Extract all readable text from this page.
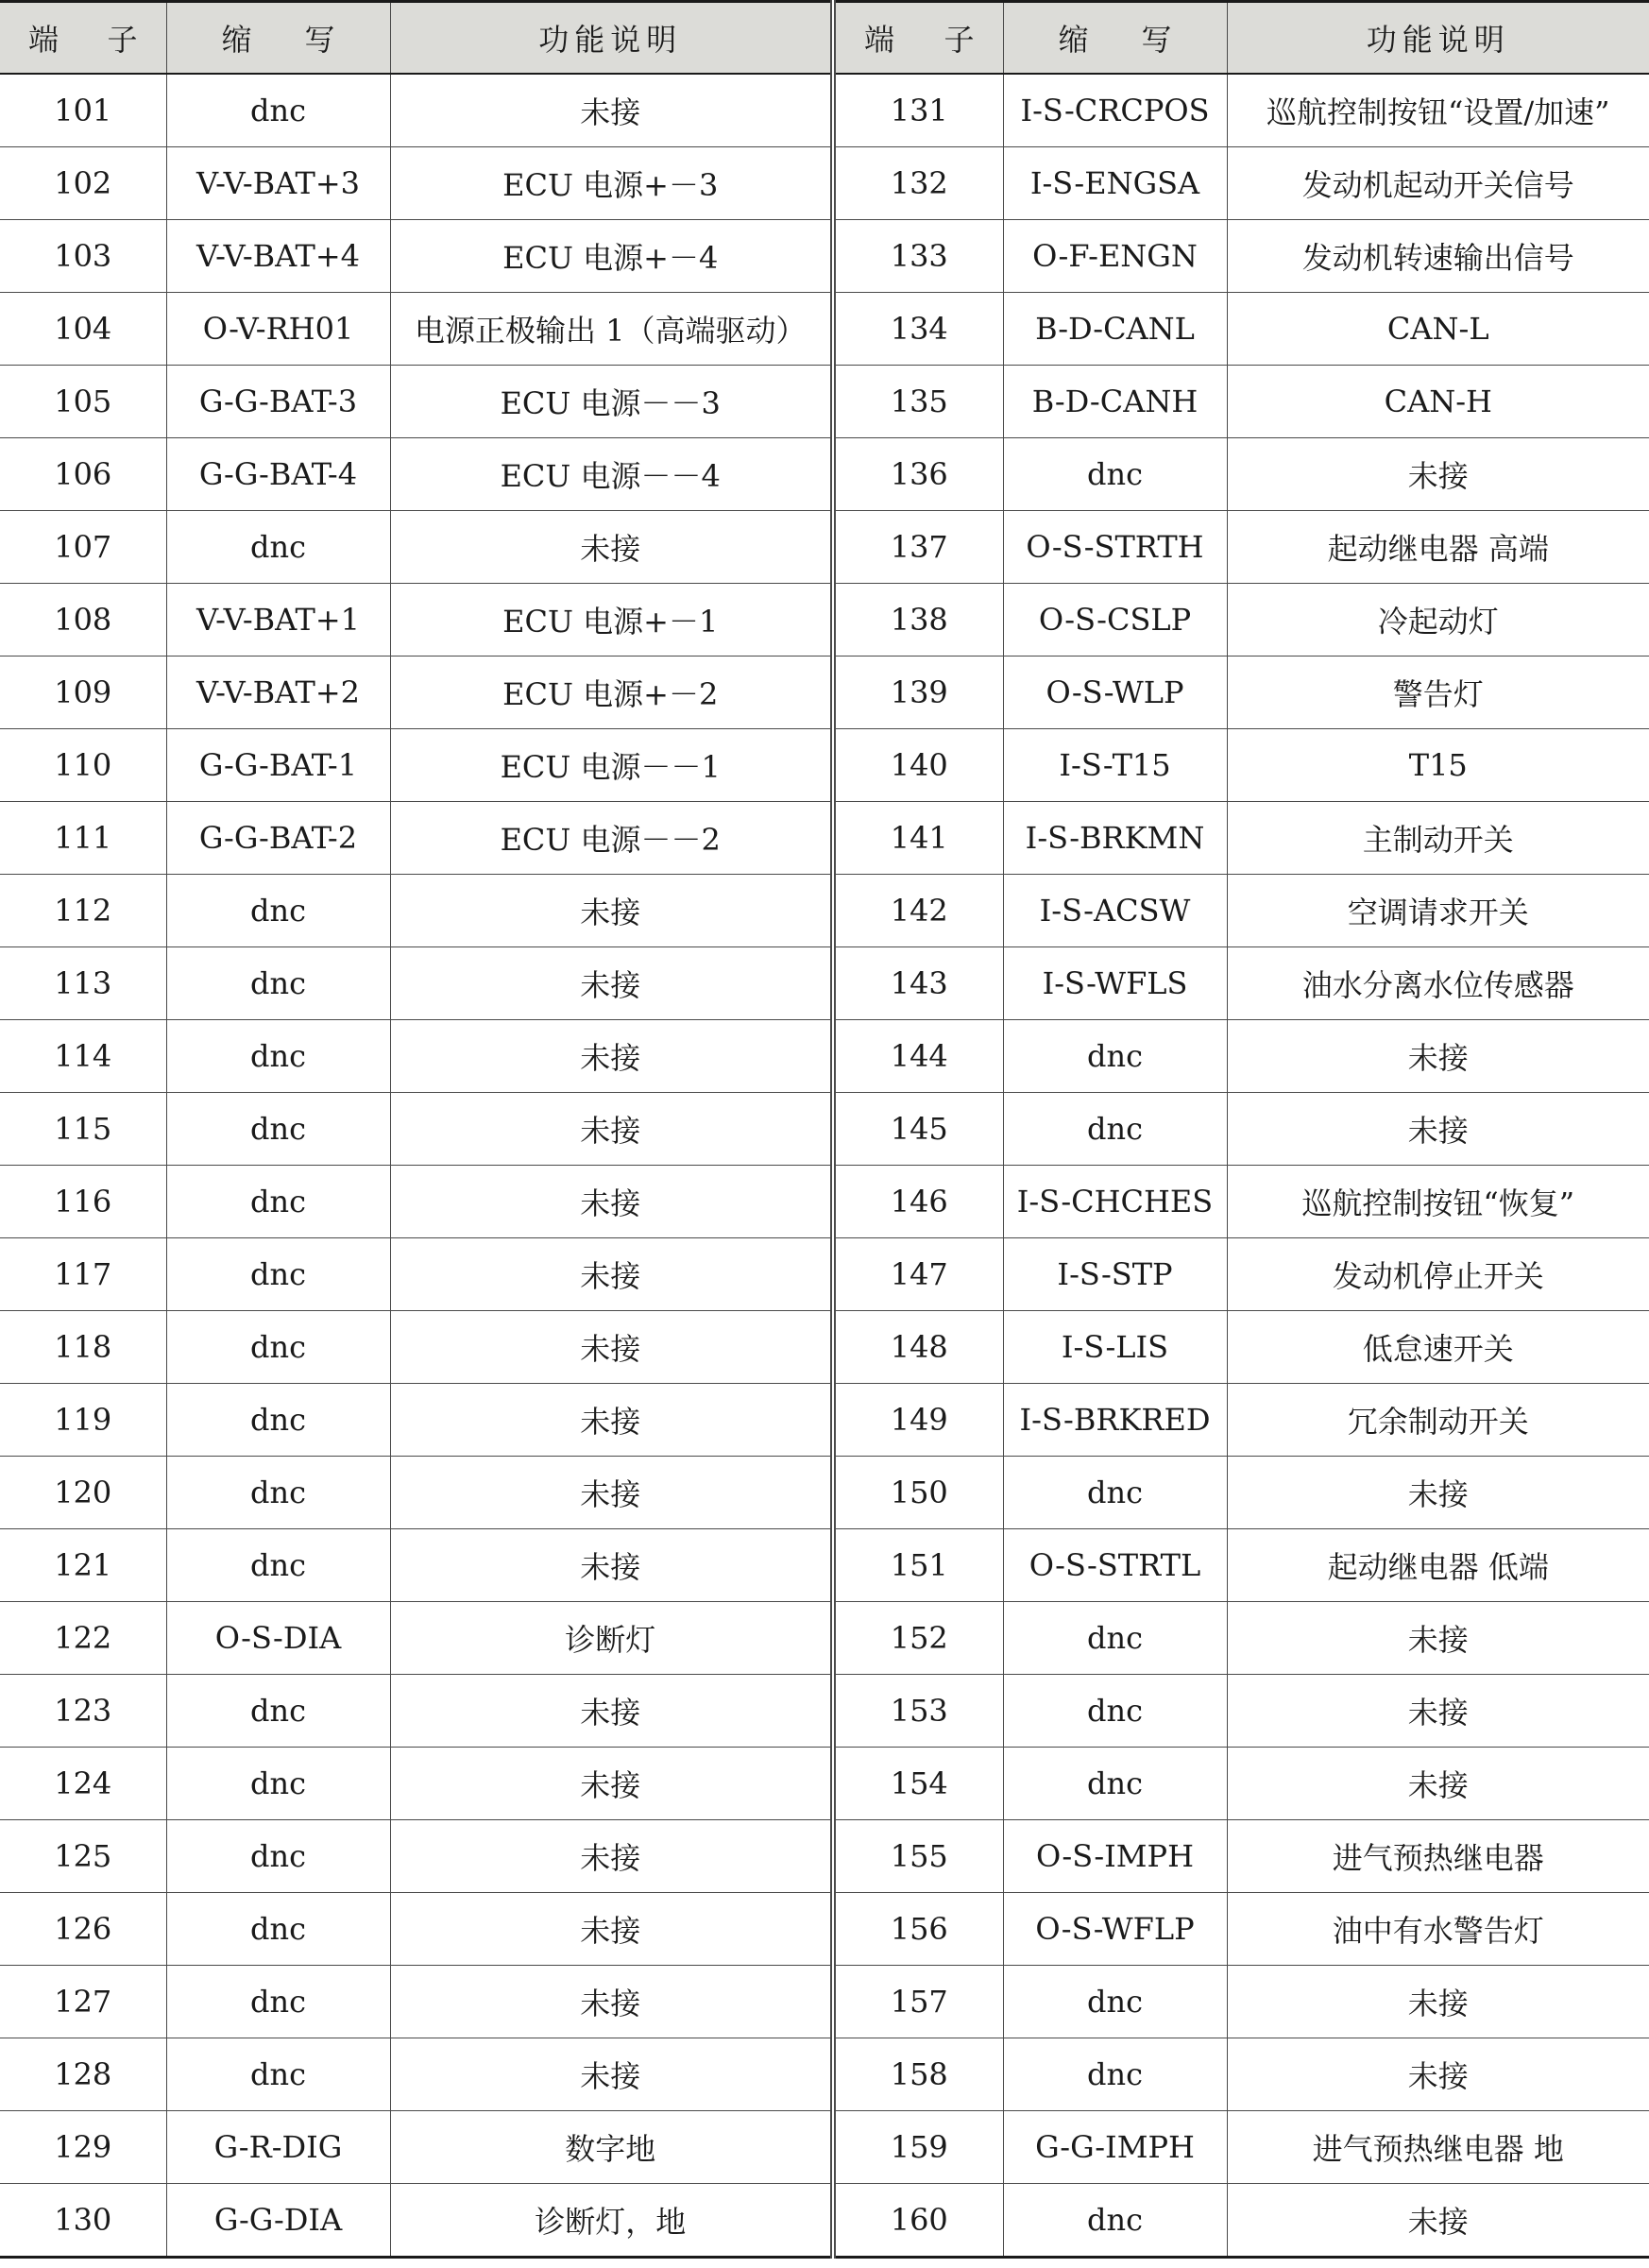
端 子	缩 写	功能说明	端 子	缩 写	功能说明
101	dnc	未接	131	I-S-CRCPOS	巡航控制按钮“设置/加速”
102	V-V-BAT+3	ECU 电源+－3	132	I-S-ENGSA	发动机起动开关信号
103	V-V-BAT+4	ECU 电源+－4	133	O-F-ENGN	发动机转速输出信号
104	O-V-RH01	电源正极输出 1（高端驱动）	134	B-D-CANL	CAN-L
105	G-G-BAT-3	ECU 电源－－3	135	B-D-CANH	CAN-H
106	G-G-BAT-4	ECU 电源－－4	136	dnc	未接
107	dnc	未接	137	O-S-STRTH	起动继电器 高端
108	V-V-BAT+1	ECU 电源+－1	138	O-S-CSLP	冷起动灯
109	V-V-BAT+2	ECU 电源+－2	139	O-S-WLP	警告灯
110	G-G-BAT-1	ECU 电源－－1	140	I-S-T15	T15
111	G-G-BAT-2	ECU 电源－－2	141	I-S-BRKMN	主制动开关
112	dnc	未接	142	I-S-ACSW	空调请求开关
113	dnc	未接	143	I-S-WFLS	油水分离水位传感器
114	dnc	未接	144	dnc	未接
115	dnc	未接	145	dnc	未接
116	dnc	未接	146	I-S-CHCHES	巡航控制按钮“恢复”
117	dnc	未接	147	I-S-STP	发动机停止开关
118	dnc	未接	148	I-S-LIS	低怠速开关
119	dnc	未接	149	I-S-BRKRED	冗余制动开关
120	dnc	未接	150	dnc	未接
121	dnc	未接	151	O-S-STRTL	起动继电器 低端
122	O-S-DIA	诊断灯	152	dnc	未接
123	dnc	未接	153	dnc	未接
124	dnc	未接	154	dnc	未接
125	dnc	未接	155	O-S-IMPH	进气预热继电器
126	dnc	未接	156	O-S-WFLP	油中有水警告灯
127	dnc	未接	157	dnc	未接
128	dnc	未接	158	dnc	未接
129	G-R-DIG	数字地	159	G-G-IMPH	进气预热继电器 地
130	G-G-DIA	诊断灯，地	160	dnc	未接
